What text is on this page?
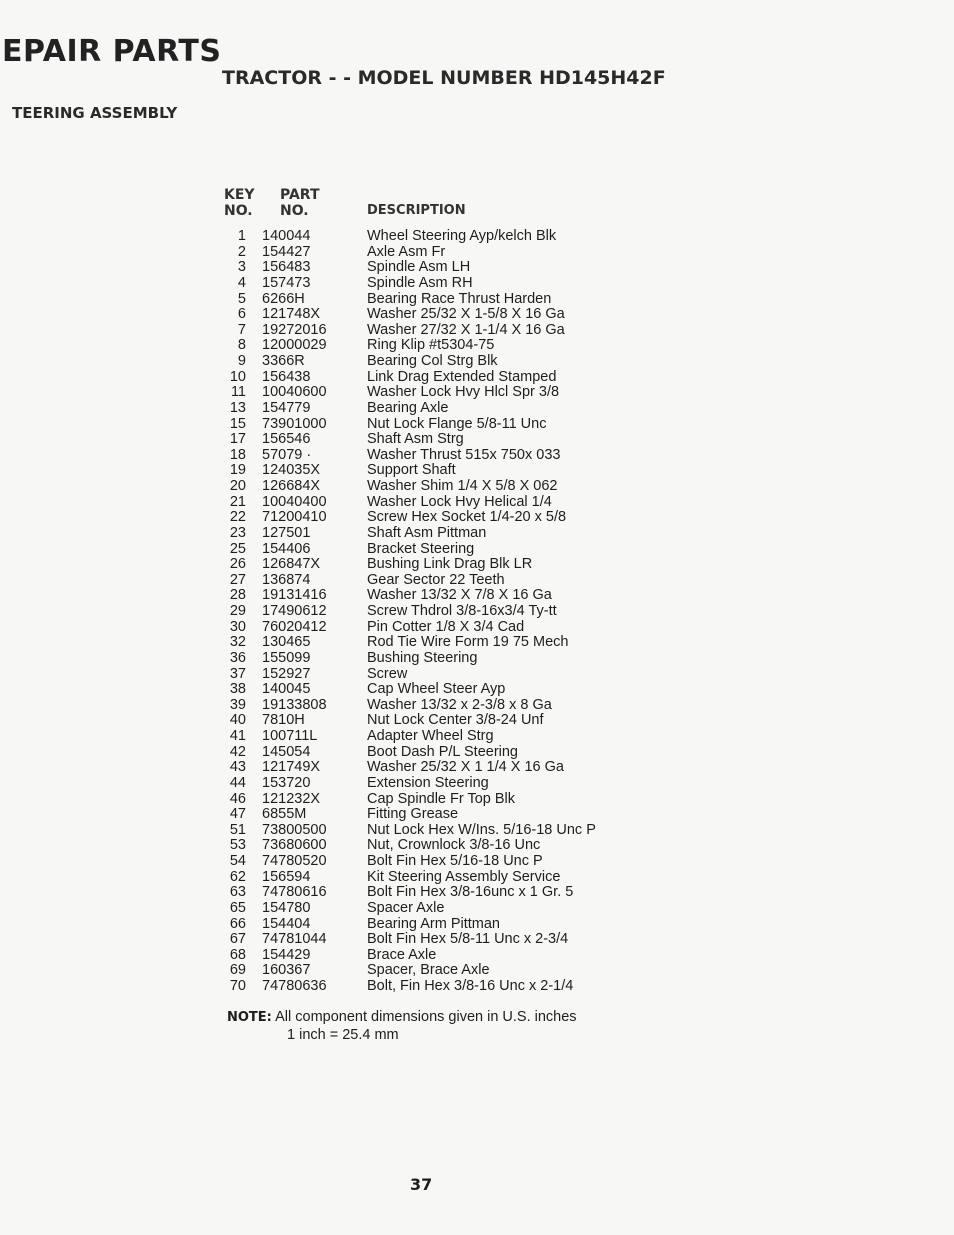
EPAIR PARTS
TRACTOR - - MODEL NUMBER HD145H42F
TEERING ASSEMBLY
KEY
NO.
PART
NO.	DESCRIPTION
1 140044	Wheel Steering Ayp/kelch Blk
2 154427	Axle Asm Fr
3 156483	Spindle Asm LH
4 157473	Spindle Asm RH
5 6266H	Bearing Race Thrust Harden
6 121748X	Washer 25/32 X 1-5/8 X 16 Ga
7 19272016	Washer 27/32 X 1-1/4 X 16 Ga
8 12000029	Ring Klip #t5304-75
9 3366R	Bearing Col Strg Blk
10 156438	Link Drag Extended Stamped
11 10040600	Washer Lock Hvy Hlcl Spr 3/8
13 154779	Bearing Axle
15 73901000	Nut Lock Flange 5/8-11 Unc
17 156546	Shaft Asm Strg
18 57079 ·	Washer Thrust 515x 750x 033
19 124035X	Support Shaft
20 126684X	Washer Shim 1/4 X 5/8 X 062
21 10040400	Washer Lock Hvy Helical 1/4
22 71200410	Screw Hex Socket 1/4-20 x 5/8
23 127501	Shaft Asm Pittman
25 154406	Bracket Steering
26 126847X	Bushing Link Drag Blk LR
27 136874	Gear Sector 22 Teeth
28 19131416	Washer 13/32 X 7/8 X 16 Ga
29 17490612	Screw Thdrol 3/8-16x3/4 Ty-tt
30 76020412	Pin Cotter 1/8 X 3/4 Cad
32 130465	Rod Tie Wire Form 19 75 Mech
36 155099	Bushing Steering
37 152927	Screw
38 140045	Cap Wheel Steer Ayp
39 19133808	Washer 13/32 x 2-3/8 x 8 Ga
40 7810H	Nut Lock Center 3/8-24 Unf
41 100711L	Adapter Wheel Strg
42 145054	Boot Dash P/L Steering
43 121749X	Washer 25/32 X 1 1/4 X 16 Ga
44 153720	Extension Steering
46 121232X	Cap Spindle Fr Top Blk
47 6855M	Fitting Grease
51 73800500	Nut Lock Hex W/Ins. 5/16-18 Unc P
53 73680600	Nut, Crownlock 3/8-16 Unc
54 74780520	Bolt Fin Hex 5/16-18 Unc P
62 156594	Kit Steering Assembly Service
63 74780616	Bolt Fin Hex 3/8-16unc x 1 Gr. 5
65 154780	Spacer Axle
66 154404	Bearing Arm Pittman
67 74781044	Bolt Fin Hex 5/8-11 Unc x 2-3/4
68 154429	Brace Axle
69 160367	Spacer, Brace Axle
70 74780636	Bolt, Fin Hex 3/8-16 Unc x 2-1/4
NOTE: All component dimensions given in U.S. inches
1 inch = 25.4 mm
37
